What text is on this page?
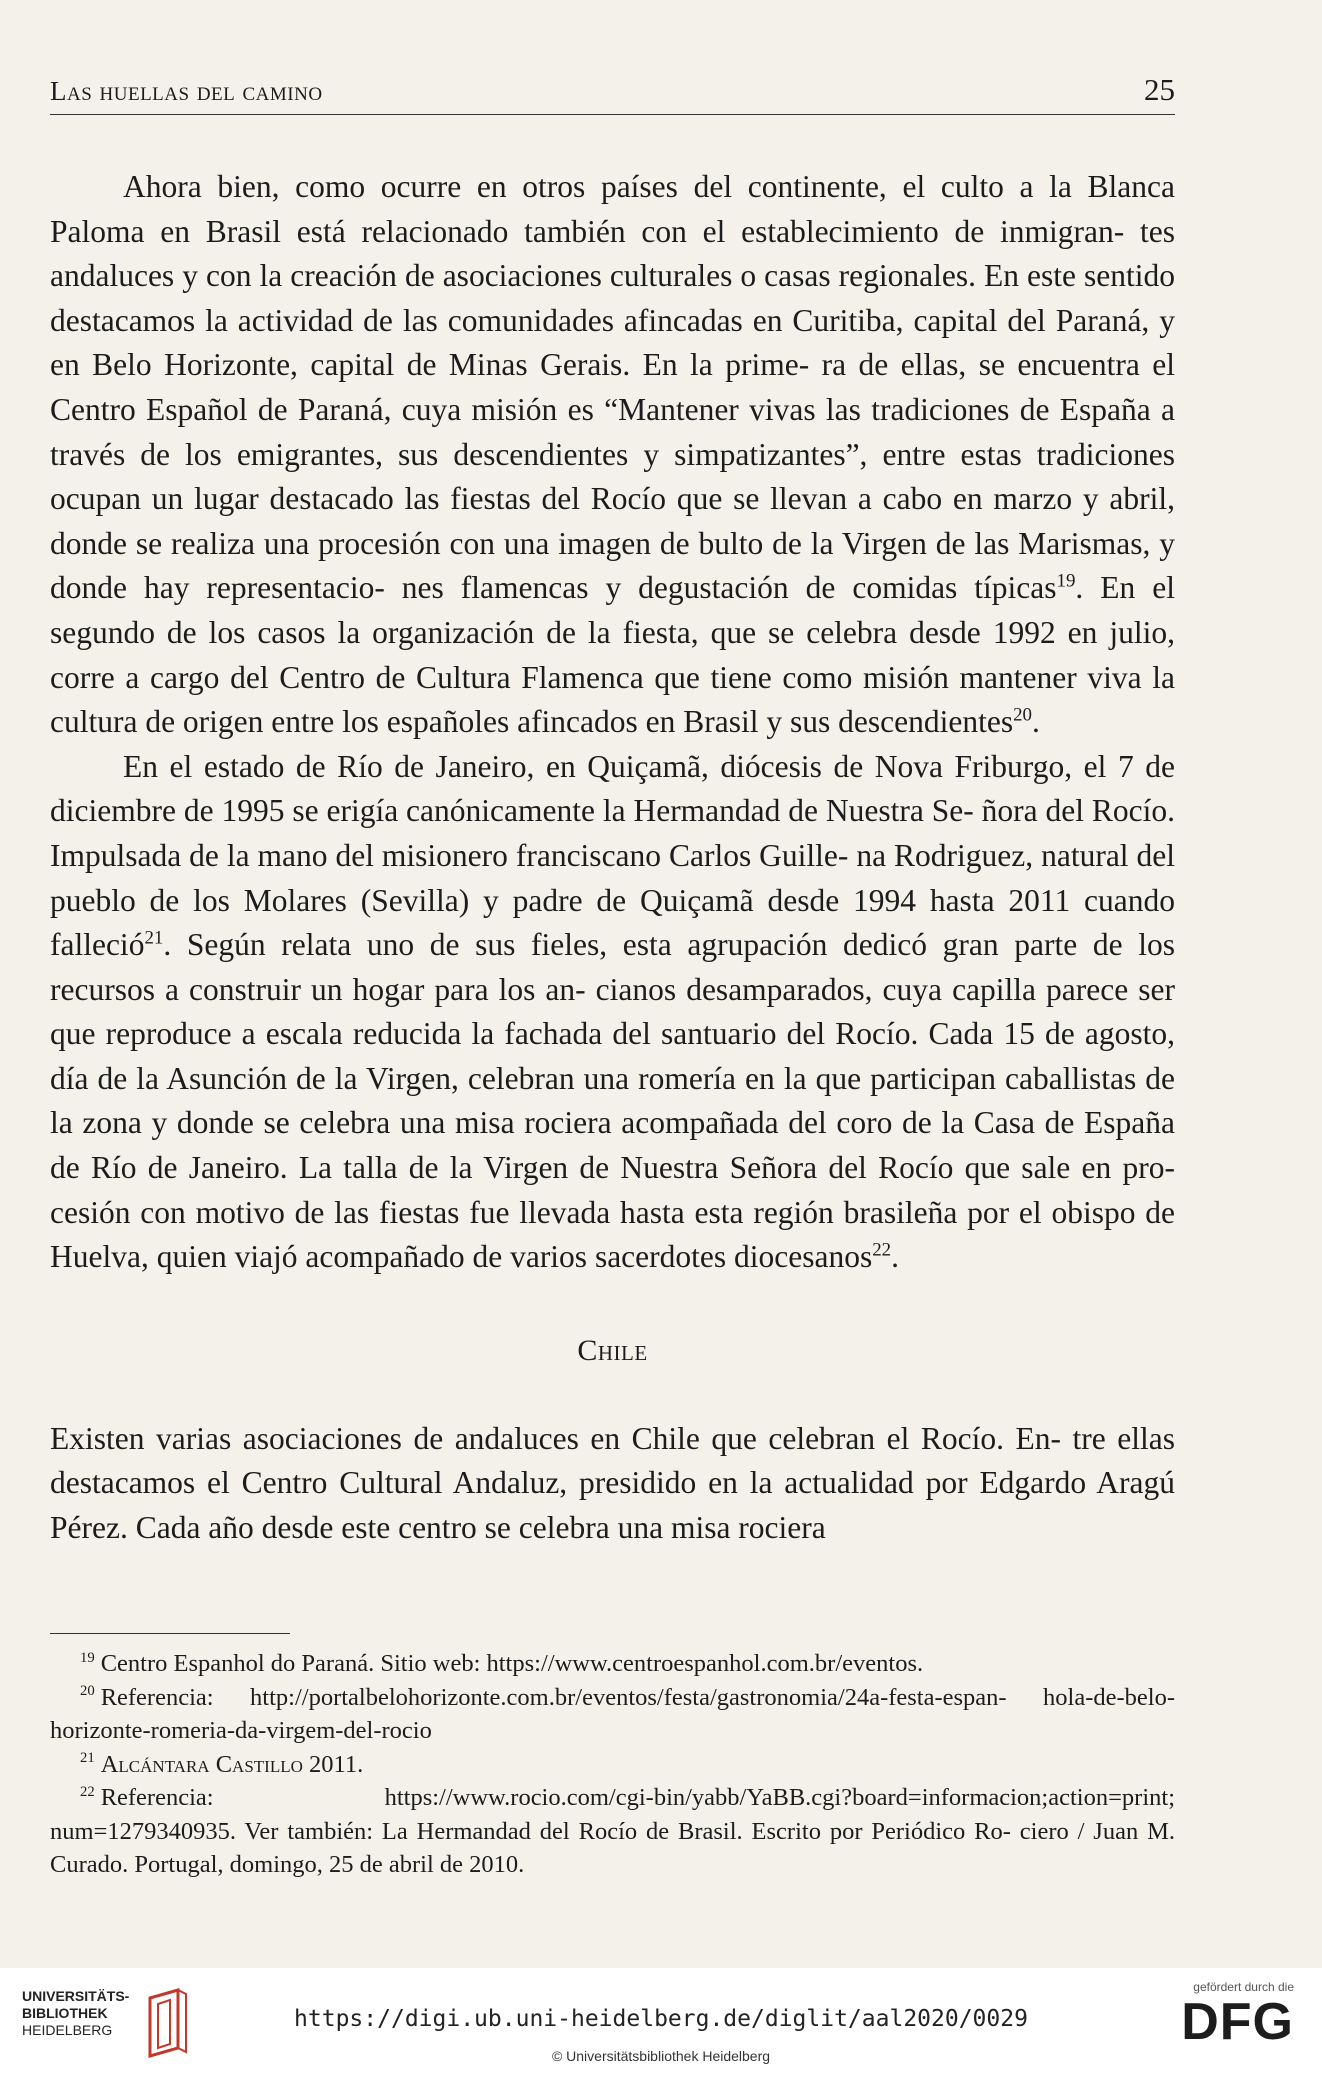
Las huellas del camino	25

Ahora bien, como ocurre en otros países del continente, el culto a la Blanca Paloma en Brasil está relacionado también con el establecimiento de inmigran- tes andaluces y con la creación de asociaciones culturales o casas regionales. En este sentido destacamos la actividad de las comunidades afincadas en Curitiba, capital del Paraná, y en Belo Horizonte, capital de Minas Gerais. En la prime- ra de ellas, se encuentra el Centro Español de Paraná, cuya misión es “Mantener vivas las tradiciones de España a través de los emigrantes, sus descendientes y simpatizantes”, entre estas tradiciones ocupan un lugar destacado las fiestas del Rocío que se llevan a cabo en marzo y abril, donde se realiza una procesión con una imagen de bulto de la Virgen de las Marismas, y donde hay representacio- nes flamencas y degustación de comidas típicas$^{19}$. En el segundo de los casos la organización de la fiesta, que se celebra desde 1992 en julio, corre a cargo del Centro de Cultura Flamenca que tiene como misión mantener viva la cultura de origen entre los españoles afincados en Brasil y sus descendientes$^{20}$.

En el estado de Río de Janeiro, en Quiçamã, diócesis de Nova Friburgo, el 7 de diciembre de 1995 se erigía canónicamente la Hermandad de Nuestra Se- ñora del Rocío. Impulsada de la mano del misionero franciscano Carlos Guille- na Rodriguez, natural del pueblo de los Molares (Sevilla) y padre de Quiçamã desde 1994 hasta 2011 cuando falleció$^{21}$. Según relata uno de sus fieles, esta agrupación dedicó gran parte de los recursos a construir un hogar para los an- cianos desamparados, cuya capilla parece ser que reproduce a escala reducida la fachada del santuario del Rocío. Cada 15 de agosto, día de la Asunción de la Virgen, celebran una romería en la que participan caballistas de la zona y donde se celebra una misa rociera acompañada del coro de la Casa de España de Río de Janeiro. La talla de la Virgen de Nuestra Señora del Rocío que sale en pro- cesión con motivo de las fiestas fue llevada hasta esta región brasileña por el obispo de Huelva, quien viajó acompañado de varios sacerdotes diocesanos$^{22}$.

Chile

Existen varias asociaciones de andaluces en Chile que celebran el Rocío. En- tre ellas destacamos el Centro Cultural Andaluz, presidido en la actualidad por Edgardo Aragú Pérez. Cada año desde este centro se celebra una misa rociera

$^{19}$ Centro Espanhol do Paraná. Sitio web: https://www.centroespanhol.com.br/eventos.

$^{20}$ Referencia: http://portalbelohorizonte.com.br/eventos/festa/gastronomia/24a-festa-espan- hola-de-belo-horizonte-romeria-da-virgem-del-rocio

$^{21}$ Alcántara Castillo 2011.

$^{22}$ Referencia: https://www.rocio.com/cgi-bin/yabb/YaBB.cgi?board=informacion;action=print; num=1279340935. Ver también: La Hermandad del Rocío de Brasil. Escrito por Periódico Ro- ciero / Juan M. Curado. Portugal, domingo, 25 de abril de 2010.

UNIVERSITÄTS-
BIBLIOTHEK
HEIDELBERG	https://digi.ub.uni-heidelberg.de/diglit/aal2020/0029
© Universitätsbibliothek Heidelberg
gefördert durch die
DFG
